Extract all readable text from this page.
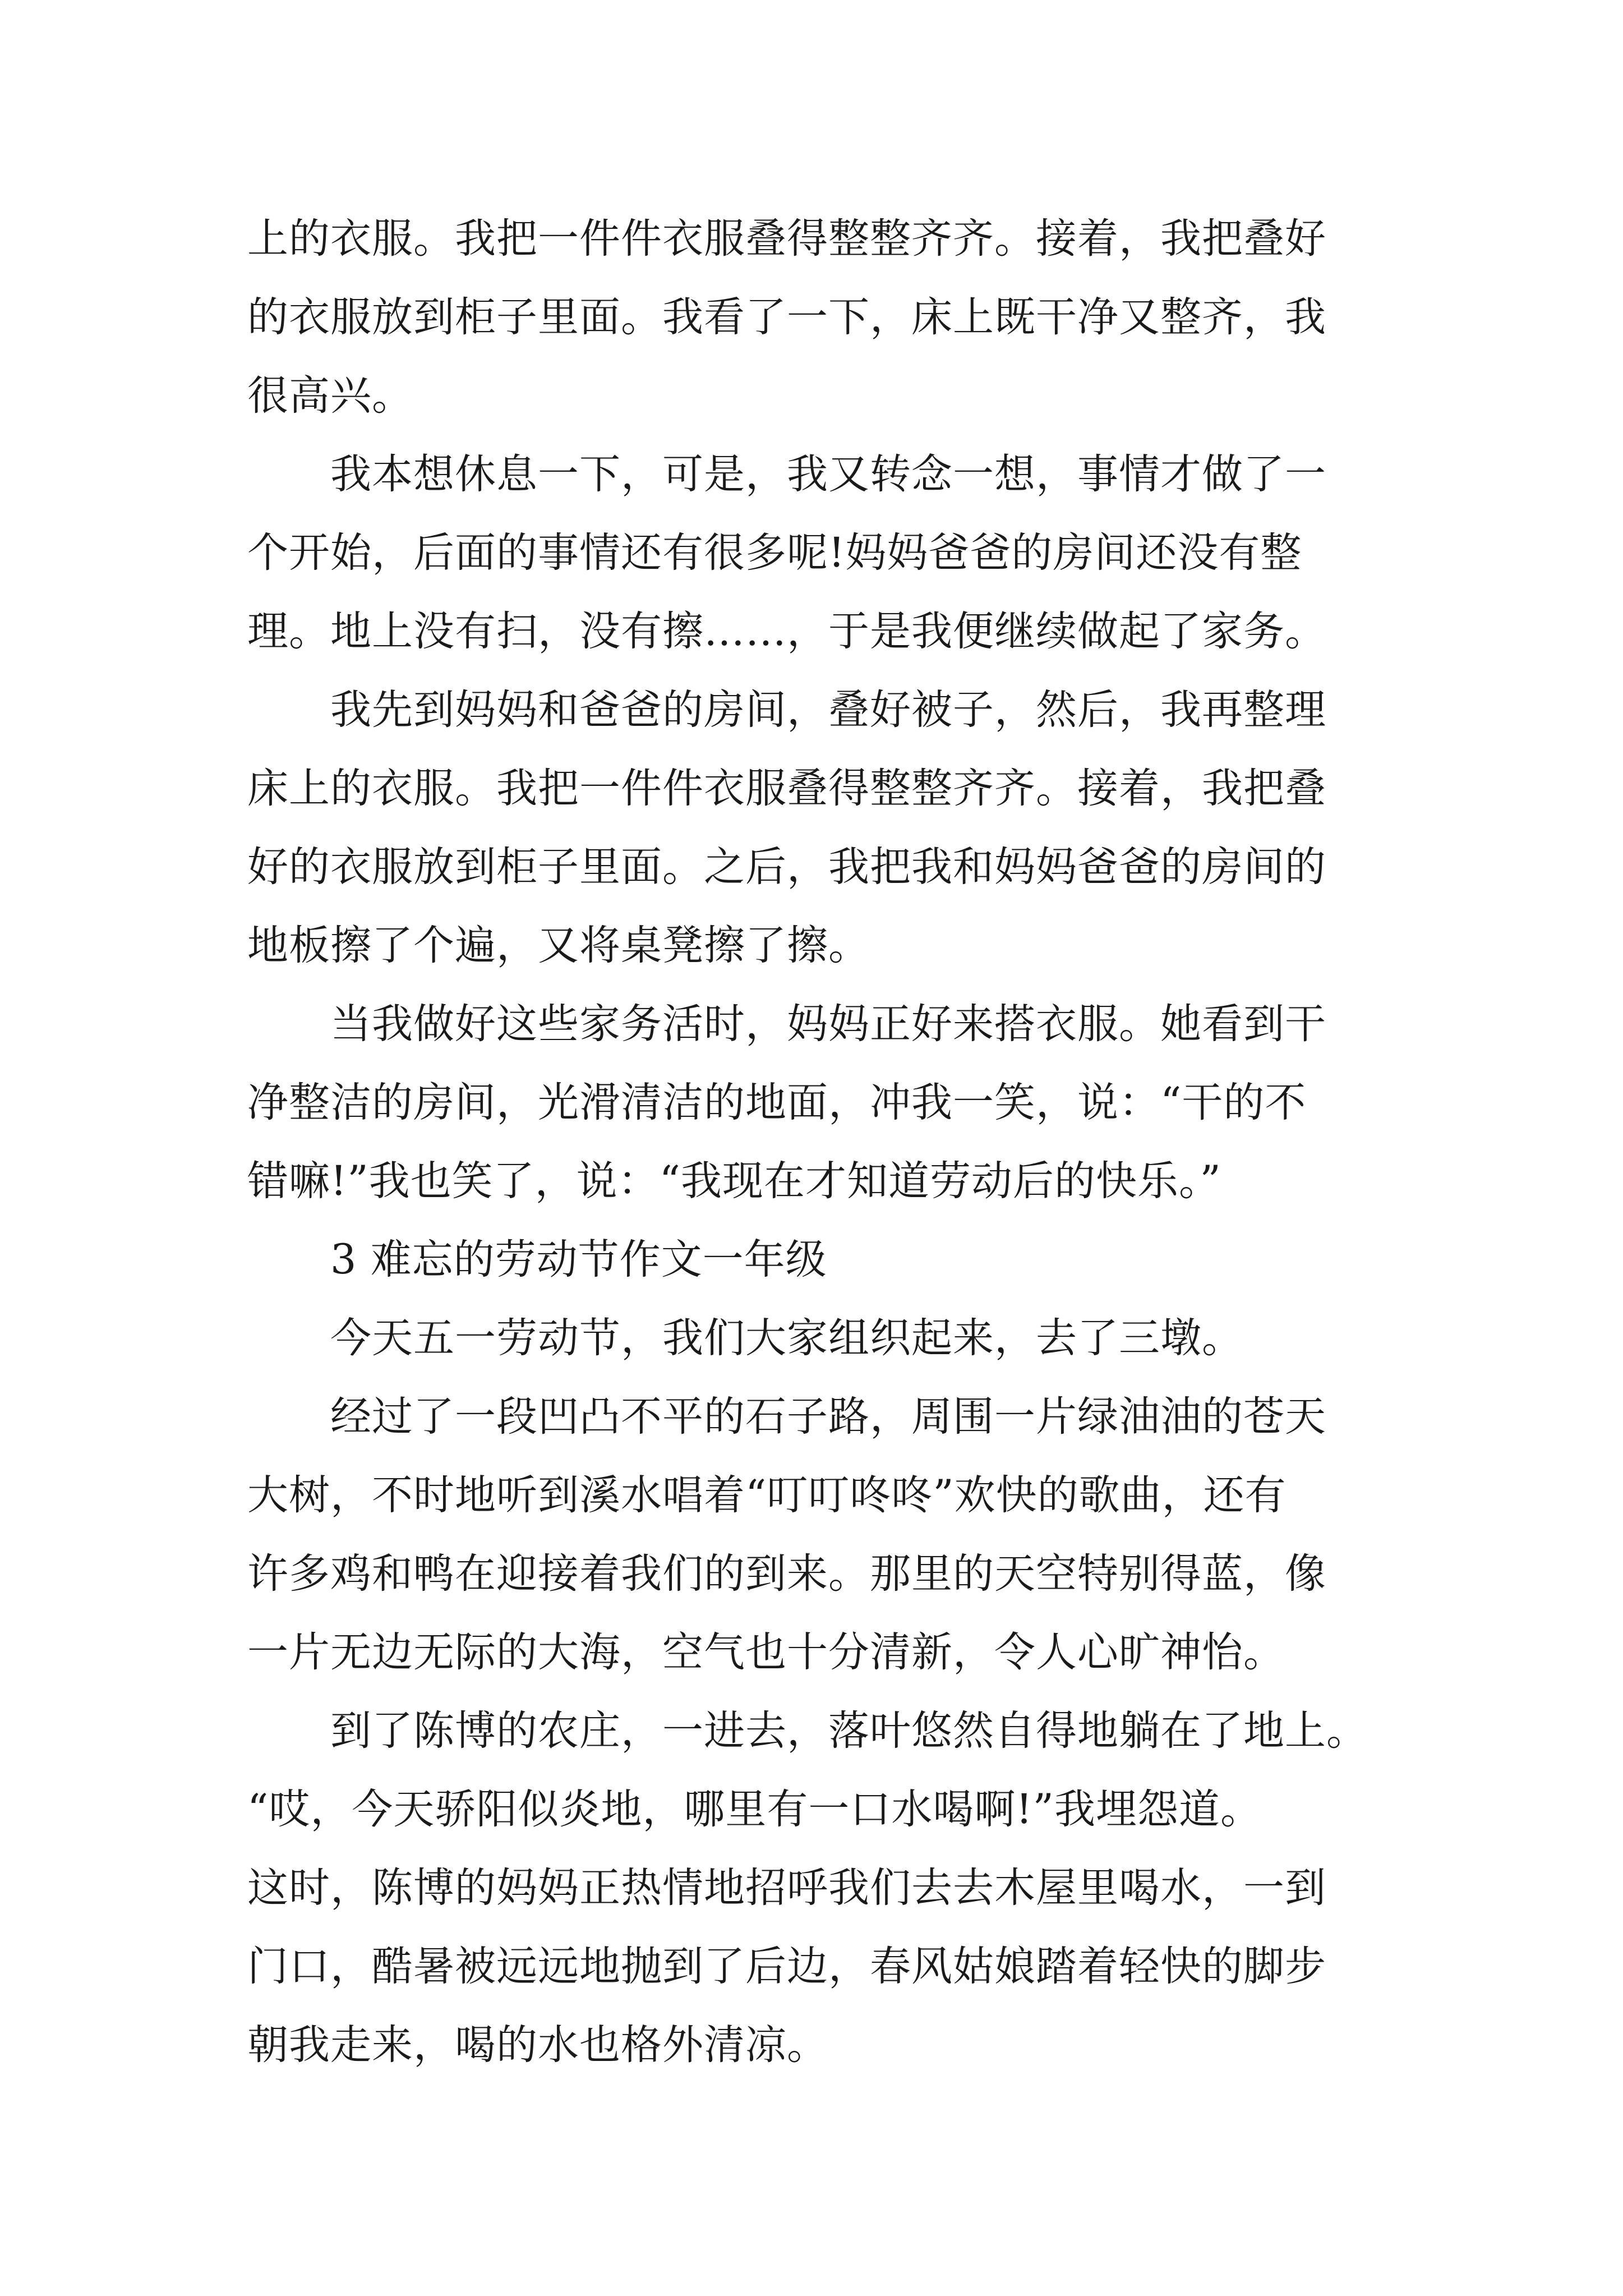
上的衣服。我把一件件衣服叠得整整齐齐。接着，我把叠好
的衣服放到柜子里面。我看了一下，床上既干净又整齐，我
很高兴。
我本想休息一下，可是，我又转念一想，事情才做了一
个开始，后面的事情还有很多呢!妈妈爸爸的房间还没有整
理。地上没有扫，没有擦……，于是我便继续做起了家务。
我先到妈妈和爸爸的房间，叠好被子，然后，我再整理
床上的衣服。我把一件件衣服叠得整整齐齐。接着，我把叠
好的衣服放到柜子里面。之后，我把我和妈妈爸爸的房间的
地板擦了个遍，又将桌凳擦了擦。
当我做好这些家务活时，妈妈正好来搭衣服。她看到干
净整洁的房间，光滑清洁的地面，冲我一笑，说：“干的不
错嘛!”我也笑了，说：“我现在才知道劳动后的快乐。”
3 难忘的劳动节作文一年级
今天五一劳动节，我们大家组织起来，去了三墩。
经过了一段凹凸不平的石子路，周围一片绿油油的苍天
大树，不时地听到溪水唱着“叮叮咚咚”欢快的歌曲，还有
许多鸡和鸭在迎接着我们的到来。那里的天空特别得蓝，像
一片无边无际的大海，空气也十分清新，令人心旷神怡。
到了陈博的农庄，一进去，落叶悠然自得地躺在了地上。
“哎，今天骄阳似炎地，哪里有一口水喝啊!”我埋怨道。
这时，陈博的妈妈正热情地招呼我们去去木屋里喝水，一到
门口，酷暑被远远地抛到了后边，春风姑娘踏着轻快的脚步
朝我走来，喝的水也格外清凉。
